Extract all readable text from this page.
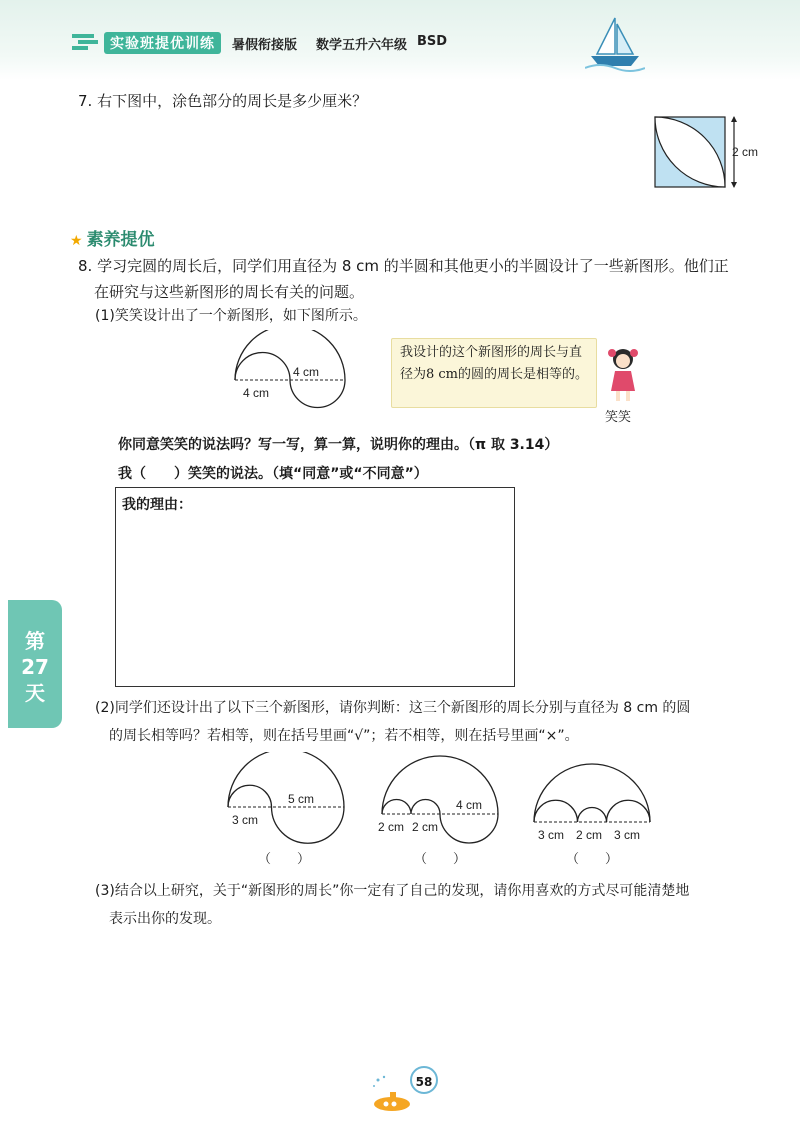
实验班提优训练	暑假衔接版 数学五升六年级 BSD
7. 右下图中，涂色部分的周长是多少厘米？
2 cm
★ 素养提优
8. 学习完圆的周长后，同学们用直径为 8 cm 的半圆和其他更小的半圆设计了一些新图形。他们正
在研究与这些新图形的周长有关的问题。
(1)笑笑设计出了一个新图形，如下图所示。
4 cm
4 cm
我设计的这个新图形的周长与直径为8 cm的圆的周长是相等的。
笑笑
你同意笑笑的说法吗？写一写，算一算，说明你的理由。（π 取 3.14）
我（　　）笑笑的说法。（填“同意”或“不同意”）
我的理由：
第
27
天
(2)同学们还设计出了以下三个新图形，请你判断：这三个新图形的周长分别与直径为 8 cm 的圆
的周长相等吗？若相等，则在括号里画“√”；若不相等，则在括号里画“×”。
5 cm
3 cm
（　　）
4 cm
2 cm 2 cm
（　　）
3 cm 2 cm 3 cm
（　　）
(3)结合以上研究，关于“新图形的周长”你一定有了自己的发现，请你用喜欢的方式尽可能清楚地
表示出你的发现。
58
